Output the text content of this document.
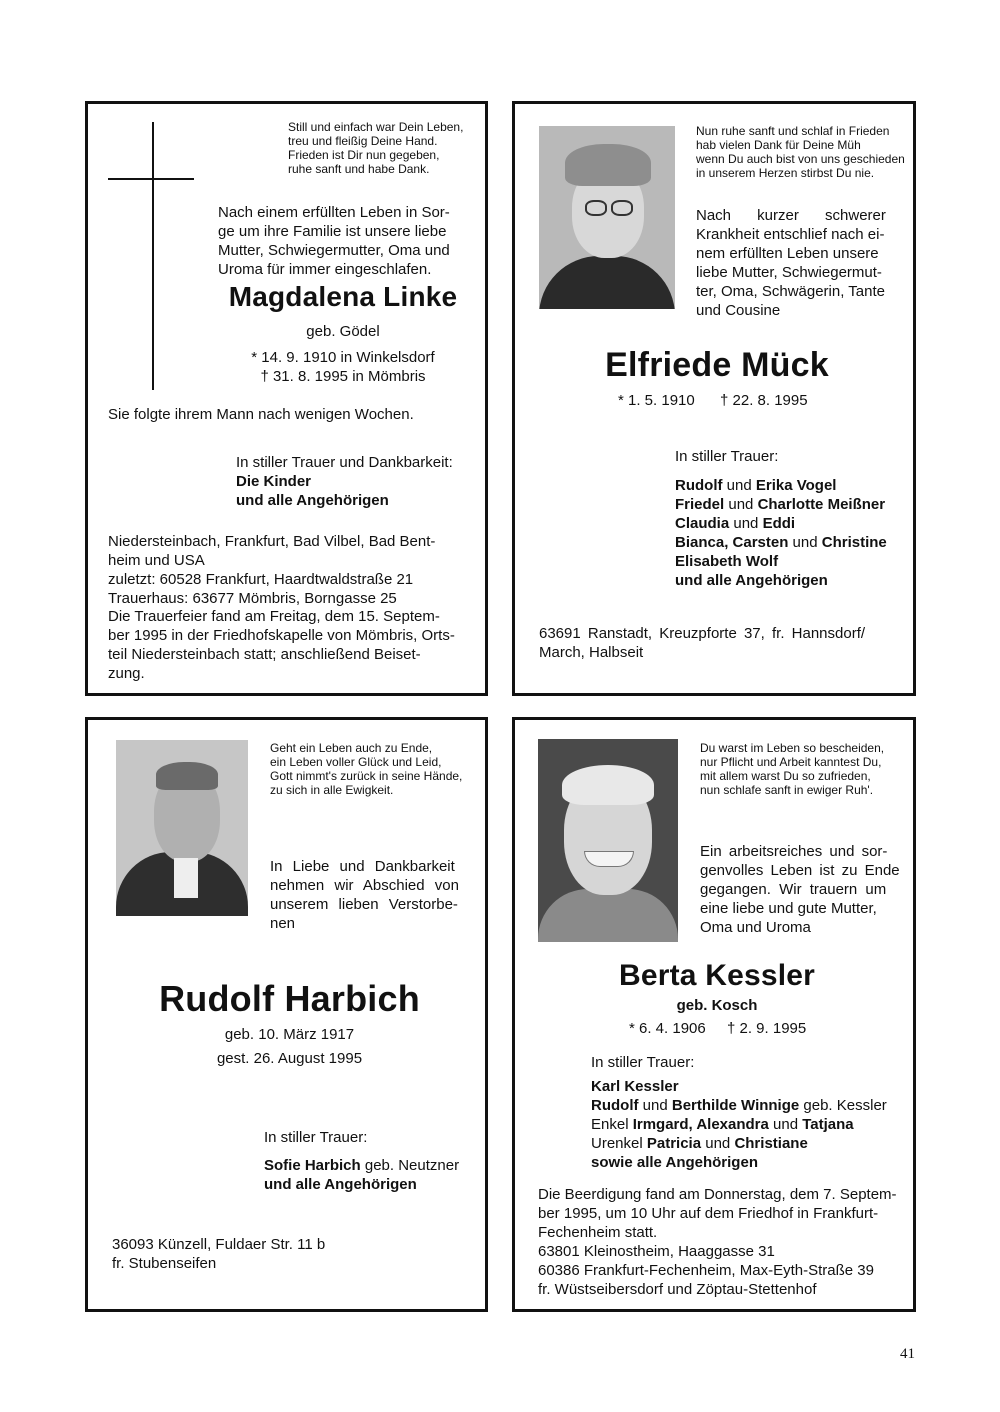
Still und einfach war Dein Leben,
treu und fleißig Deine Hand.
Frieden ist Dir nun gegeben,
ruhe sanft und habe Dank.
Nach einem erfüllten Leben in Sor-
ge um ihre Familie ist unsere liebe
Mutter, Schwiegermutter, Oma und
Uroma für immer eingeschlafen.
Magdalena Linke
geb. Gödel
* 14. 9. 1910 in Winkelsdorf
† 31. 8. 1995 in Mömbris
Sie folgte ihrem Mann nach wenigen Wochen.
In stiller Trauer und Dankbarkeit:
Die Kinder
und alle Angehörigen
Niedersteinbach, Frankfurt, Bad Vilbel, Bad Bent-
heim und USA
zuletzt: 60528 Frankfurt, Haardtwaldstraße 21
Trauerhaus: 63677 Mömbris, Borngasse 25
Die Trauerfeier fand am Freitag, dem 15. Septem-
ber 1995 in der Friedhofskapelle von Mömbris, Orts-
teil Niedersteinbach statt; anschließend Beiset-
zung.
Nun ruhe sanft und schlaf in Frieden
hab vielen Dank für Deine Müh
wenn Du auch bist von uns geschieden
in unserem Herzen stirbst Du nie.
Nach kurzer schwerer
Krankheit entschlief nach ei-
nem erfüllten Leben unsere
liebe Mutter, Schwiegermut-
ter, Oma, Schwägerin, Tante
und Cousine
Elfriede Mück
* 1. 5. 1910 † 22. 8. 1995
In stiller Trauer:
Rudolf und Erika Vogel
Friedel und Charlotte Meißner
Claudia und Eddi
Bianca, Carsten und Christine
Elisabeth Wolf
und alle Angehörigen
63691 Ranstadt, Kreuzpforte 37, fr. Hannsdorf/
March, Halbseit
Geht ein Leben auch zu Ende,
ein Leben voller Glück und Leid,
Gott nimmt's zurück in seine Hände,
zu sich in alle Ewigkeit.
In Liebe und Dankbarkeit
nehmen wir Abschied von
unserem lieben Verstorbe-
nen
Rudolf Harbich
geb. 10. März 1917
gest. 26. August 1995
In stiller Trauer:
Sofie Harbich geb. Neutzner
und alle Angehörigen
36093 Künzell, Fuldaer Str. 11 b
fr. Stubenseifen
Du warst im Leben so bescheiden,
nur Pflicht und Arbeit kanntest Du,
mit allem warst Du so zufrieden,
nun schlafe sanft in ewiger Ruh'.
Ein arbeitsreiches und sor-
genvolles Leben ist zu Ende
gegangen. Wir trauern um
eine liebe und gute Mutter,
Oma und Uroma
Berta Kessler
geb. Kosch
* 6. 4. 1906 † 2. 9. 1995
In stiller Trauer:
Karl Kessler
Rudolf und Berthilde Winnige geb. Kessler
Enkel Irmgard, Alexandra und Tatjana
Urenkel Patricia und Christiane
sowie alle Angehörigen
Die Beerdigung fand am Donnerstag, dem 7. Septem-
ber 1995, um 10 Uhr auf dem Friedhof in Frankfurt-
Fechenheim statt.
63801 Kleinostheim, Haaggasse 31
60386 Frankfurt-Fechenheim, Max-Eyth-Straße 39
fr. Wüstseibersdorf und Zöptau-Stettenhof
41
